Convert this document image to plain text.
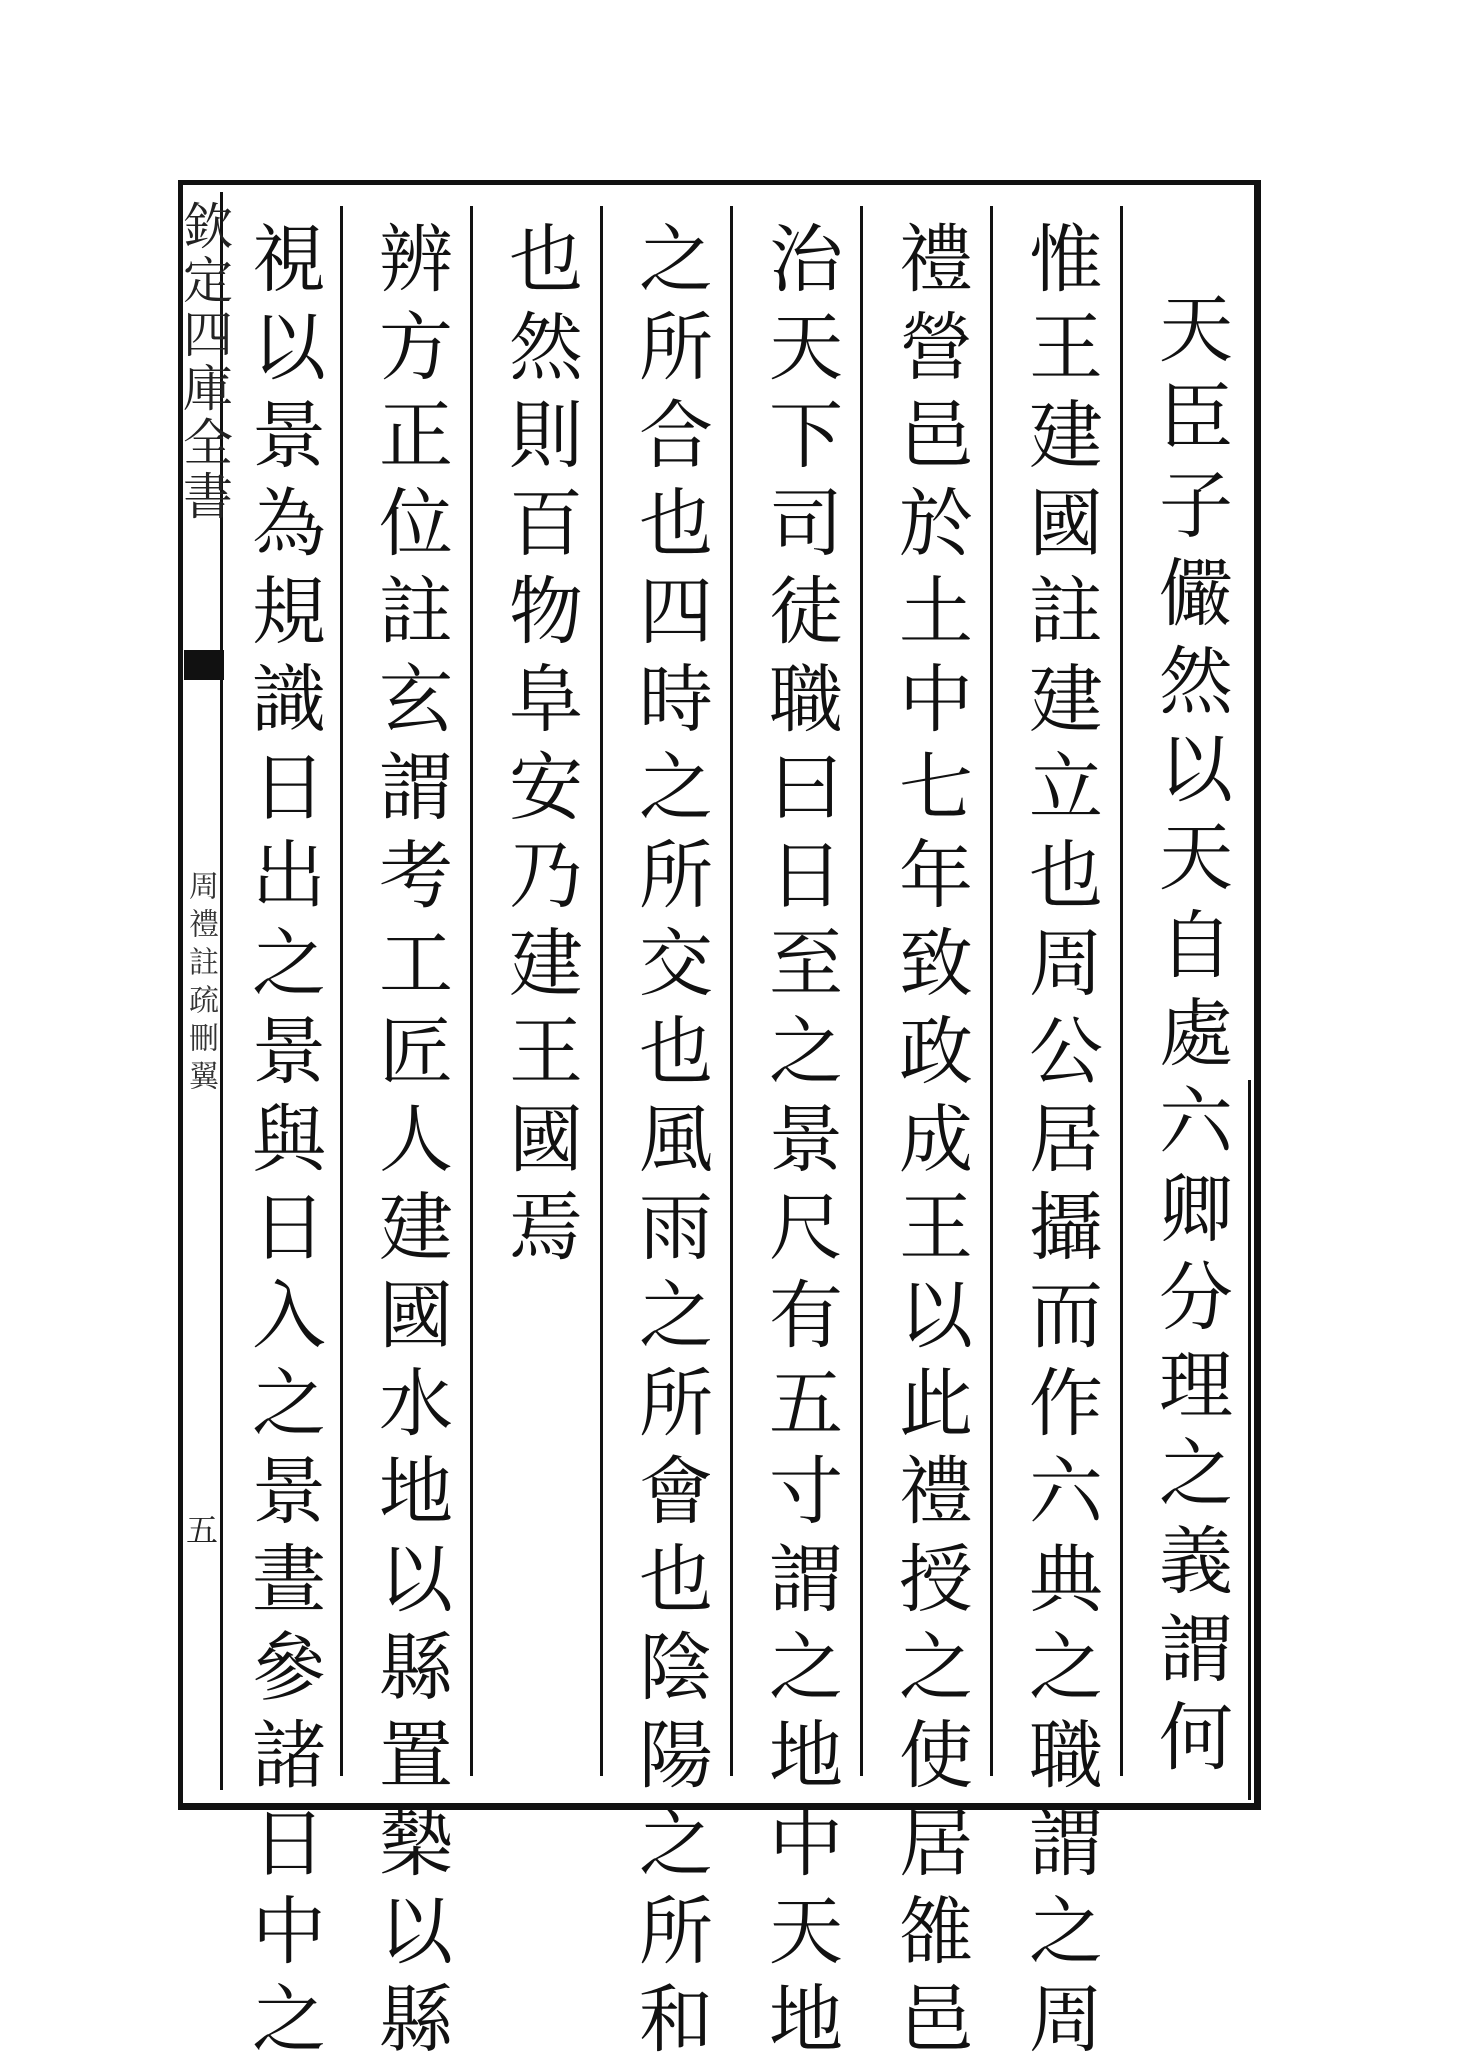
欽定四庫全書
周禮註疏刪翼
五	天臣子儼然以天自處六卿分理之義謂何
惟王建國註建立也周公居攝而作六典之職謂之周
禮營邑於土中七年致政成王以此禮授之使居雒邑
治天下司徒職曰日至之景尺有五寸謂之地中天地
之所合也四時之所交也風雨之所會也陰陽之所和
也然則百物阜安乃建王國焉
辨方正位註玄謂考工匠人建國水地以縣置槷以縣
視以景為規識日出之景與日入之景晝參諸日中之
